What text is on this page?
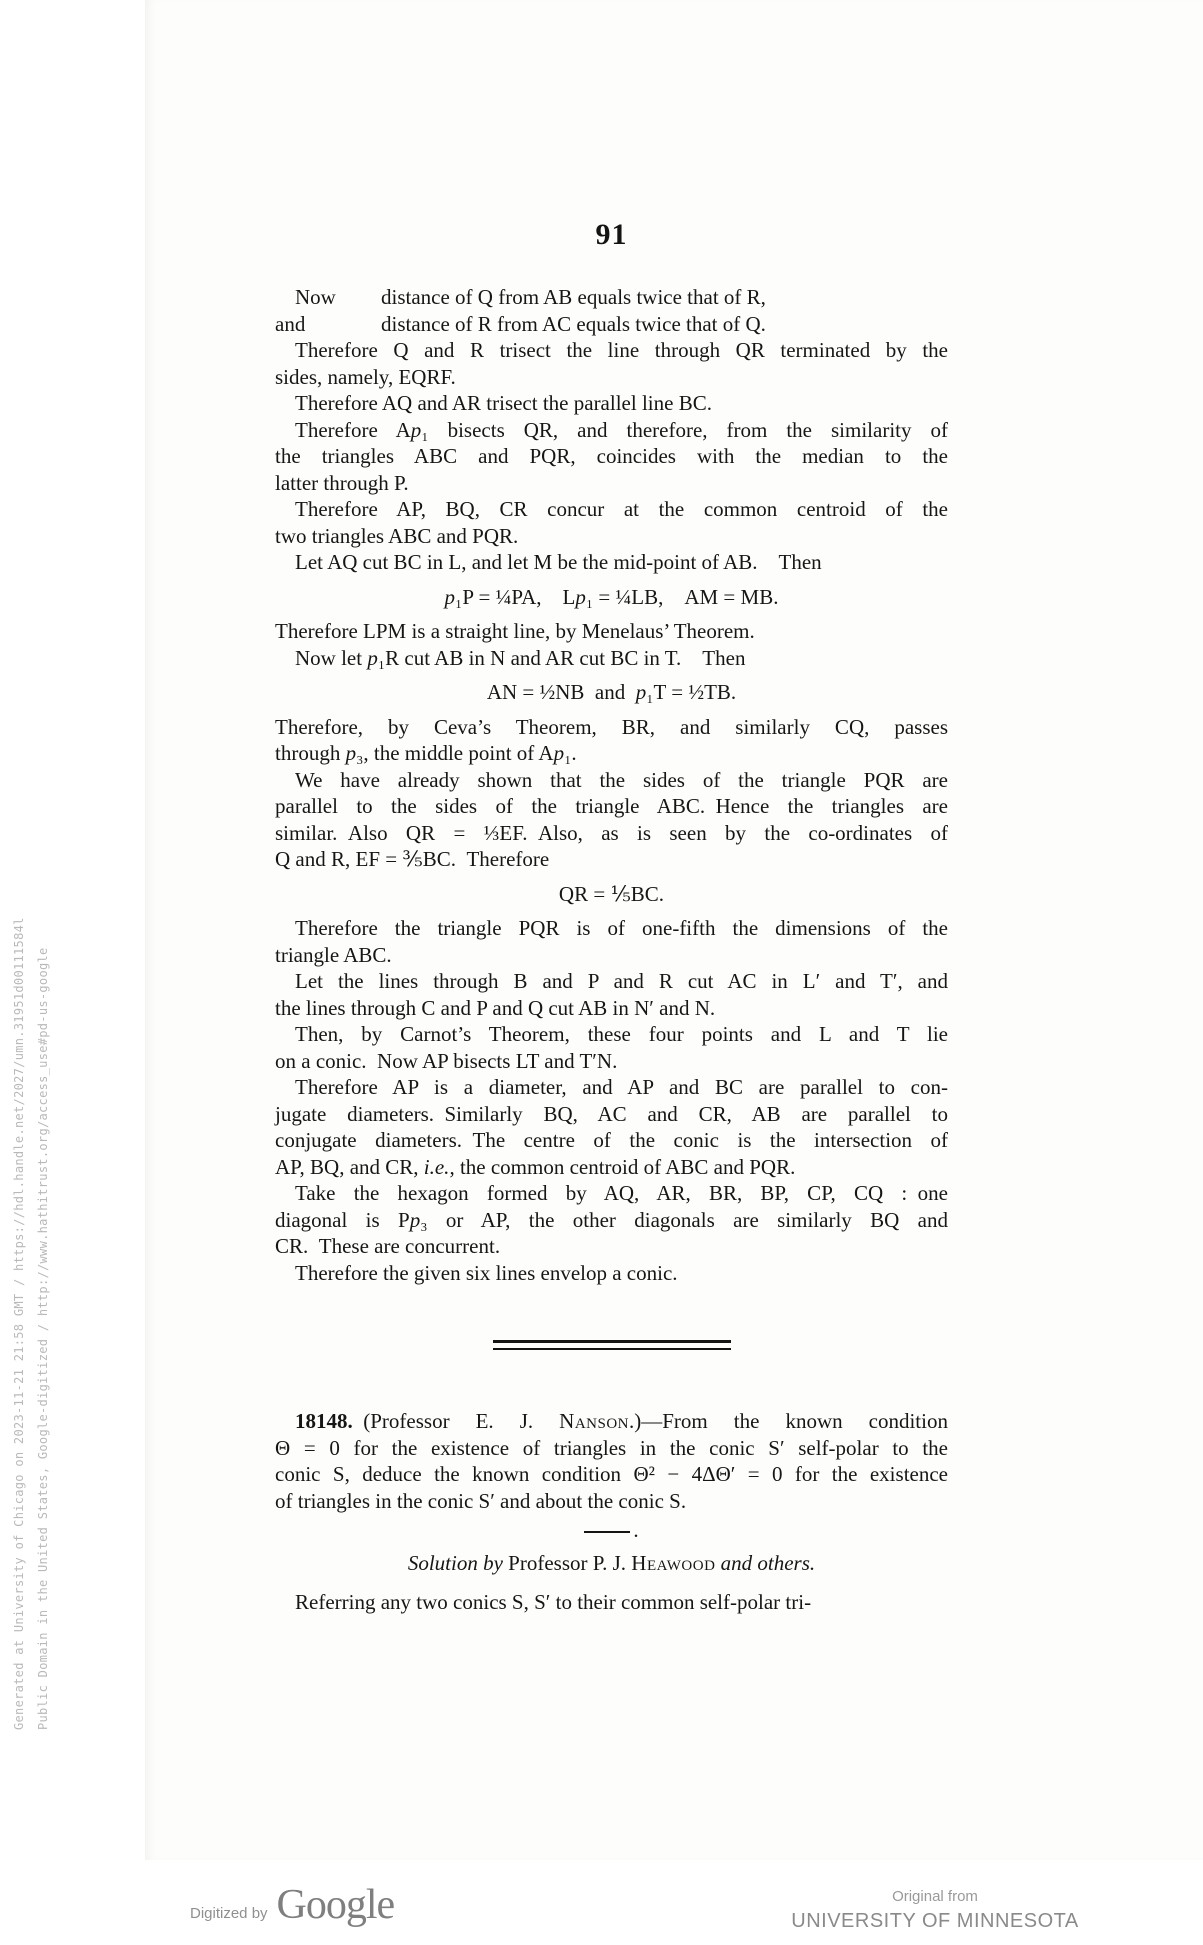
91
Now distance of Q from AB equals twice that of R,
and	distance of R from AC equals twice that of Q.
Therefore Q and R trisect the line through QR terminated by the
sides, namely, EQRF.
Therefore AQ and AR trisect the parallel line BC.
Therefore Ap₁ bisects QR, and therefore, from the similarity of
the triangles ABC and PQR, coincides with the median to the
latter through P.
Therefore AP, BQ, CR concur at the common centroid of the
two triangles ABC and PQR.
Let AQ cut BC in L, and let M be the mid-point of AB. Then
p₁P = ¼PA, Lp₁ = ¼LB, AM = MB.
Therefore LPM is a straight line, by Menelaus’ Theorem.
Now let p₁R cut AB in N and AR cut BC in T. Then
AN = ½NB and p₁T = ½TB.
Therefore, by Ceva’s Theorem, BR, and similarly CQ, passes
through p₃, the middle point of Ap₁.
We have already shown that the sides of the triangle PQR are
parallel to the sides of the triangle ABC. Hence the triangles are
similar. Also QR = ⅓EF. Also, as is seen by the co-ordinates of
Q and R, EF = ⅗BC. Therefore
QR = ⅕BC.
Therefore the triangle PQR is of one-fifth the dimensions of the
triangle ABC.
Let the lines through B and P and R cut AC in L′ and T′, and
the lines through C and P and Q cut AB in N′ and N.
Then, by Carnot’s Theorem, these four points and L and T lie
on a conic. Now AP bisects LT and T′N.
Therefore AP is a diameter, and AP and BC are parallel to con-
jugate diameters. Similarly BQ, AC and CR, AB are parallel to
conjugate diameters. The centre of the conic is the intersection of
AP, BQ, and CR, i.e., the common centroid of ABC and PQR.
Take the hexagon formed by AQ, AR, BR, BP, CP, CQ : one
diagonal is Pp₃ or AP, the other diagonals are similarly BQ and
CR. These are concurrent.
Therefore the given six lines envelop a conic.
18148. (Professor E. J. Nanson.)—From the known condition
Θ = 0 for the existence of triangles in the conic S′ self-polar to the
conic S, deduce the known condition Θ² − 4ΔΘ′ = 0 for the existence
of triangles in the conic S′ and about the conic S.
.
Solution by Professor P. J. Heawood and others.
Referring any two conics S, S′ to their common self-polar tri-
Generated at University of Chicago on 2023-11-21 21:58 GMT / https://hdl.handle.net/2027/umn.31951d00111584l Public Domain in the United States, Google-digitized / http://www.hathitrust.org/access_use#pd-us-google
Digitized by Google	Original from
UNIVERSITY OF MINNESOTA
